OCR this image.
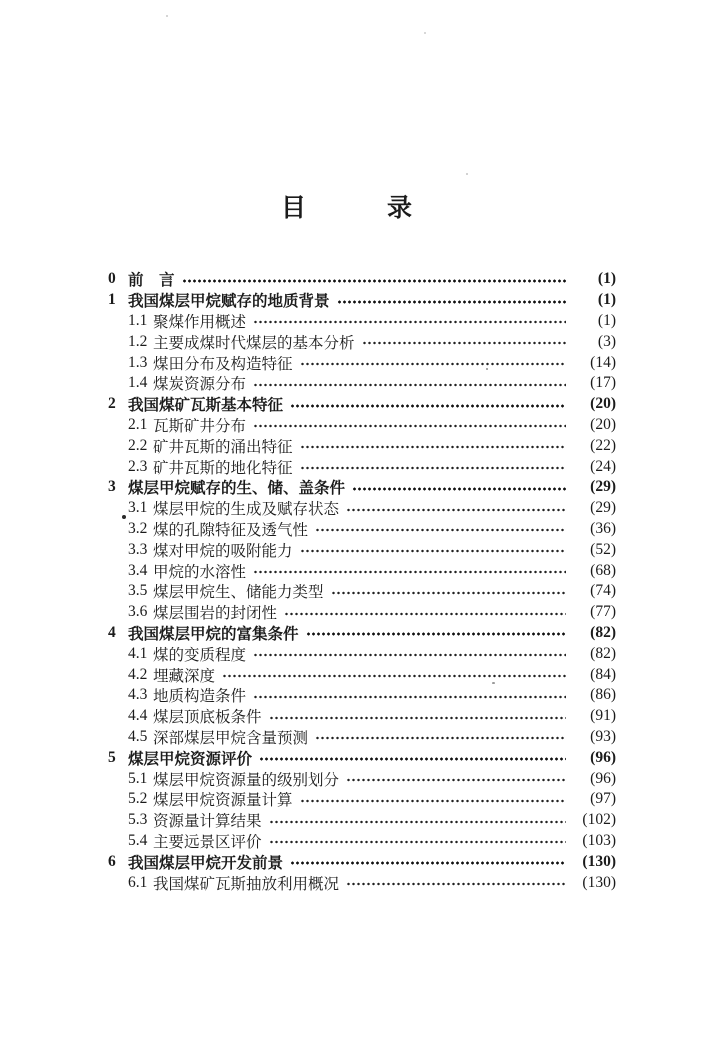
目	录
0 前　言	(1)
1 我国煤层甲烷赋存的地质背景	(1)
1.1 聚煤作用概述	(1)
1.2 主要成煤时代煤层的基本分析	(3)
1.3 煤田分布及构造特征	(14)
1.4 煤炭资源分布	(17)
2 我国煤矿瓦斯基本特征	(20)
2.1 瓦斯矿井分布	(20)
2.2 矿井瓦斯的涌出特征	(22)
2.3 矿井瓦斯的地化特征	(24)
3 煤层甲烷赋存的生、储、盖条件	(29)
3.1 煤层甲烷的生成及赋存状态	(29)
3.2 煤的孔隙特征及透气性	(36)
3.3 煤对甲烷的吸附能力	(52)
3.4 甲烷的水溶性	(68)
3.5 煤层甲烷生、储能力类型	(74)
3.6 煤层围岩的封闭性	(77)
4 我国煤层甲烷的富集条件	(82)
4.1 煤的变质程度	(82)
4.2 埋藏深度	(84)
4.3 地质构造条件	(86)
4.4 煤层顶底板条件	(91)
4.5 深部煤层甲烷含量预测	(93)
5 煤层甲烷资源评价	(96)
5.1 煤层甲烷资源量的级别划分	(96)
5.2 煤层甲烷资源量计算	(97)
5.3 资源量计算结果	(102)
5.4 主要远景区评价	(103)
6 我国煤层甲烷开发前景	(130)
6.1 我国煤矿瓦斯抽放利用概况	(130)
